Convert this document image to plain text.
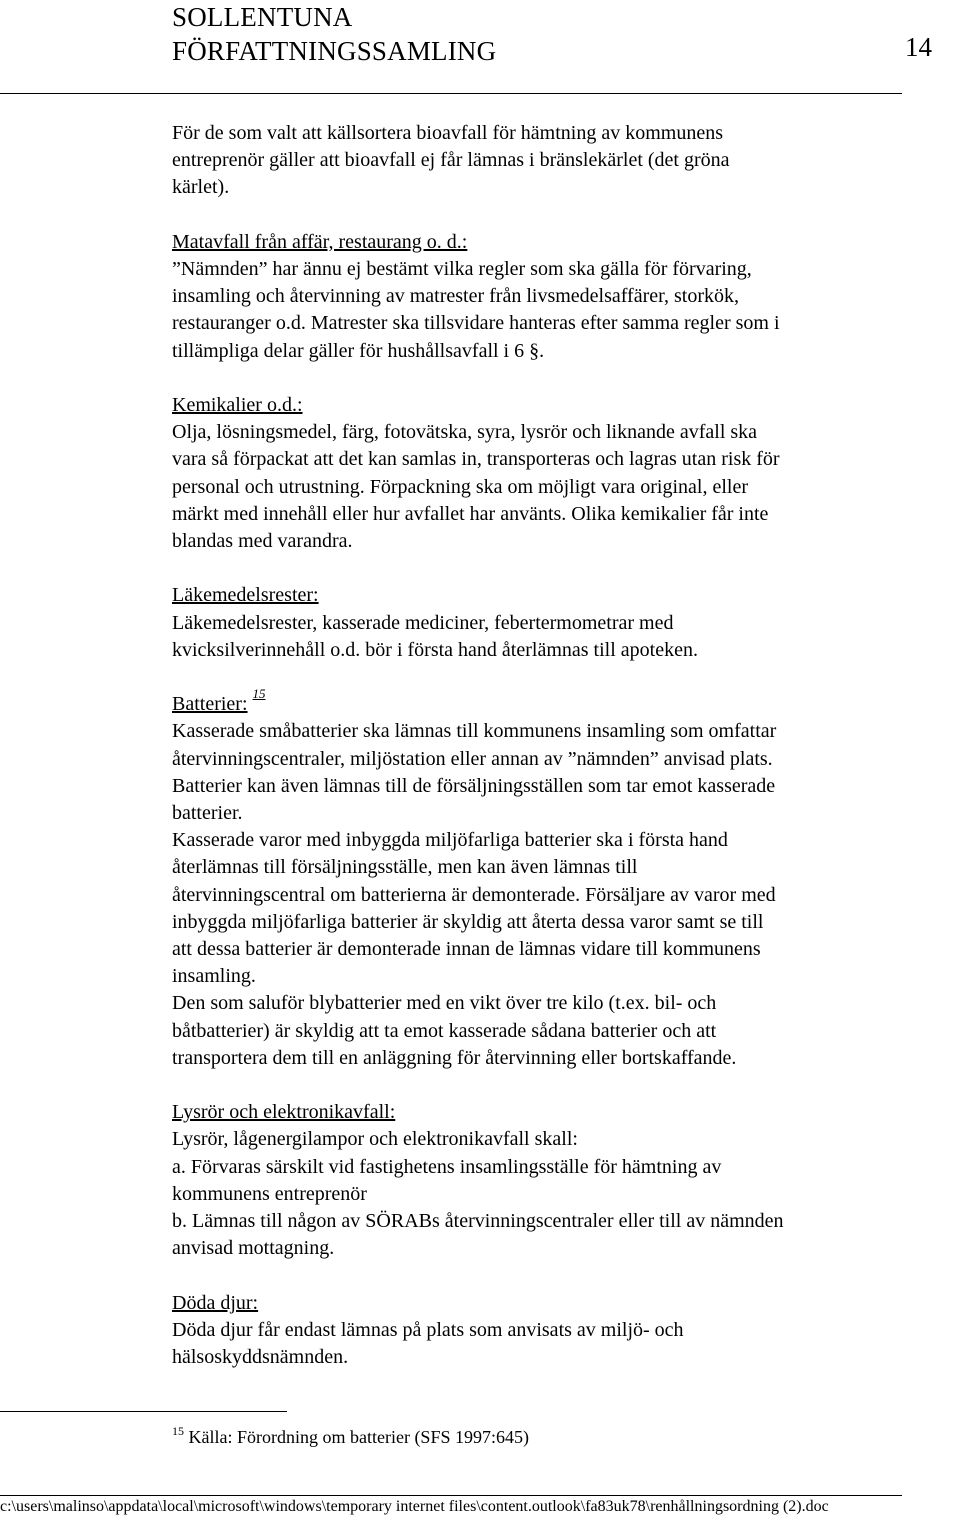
SOLLENTUNA
FÖRFATTNINGSSAMLING	14

För de som valt att källsortera bioavfall för hämtning av kommunens
entreprenör gäller att bioavfall ej får lämnas i bränslekärlet (det gröna
kärlet).

Matavfall från affär, restaurang o. d.:

”Nämnden” har ännu ej bestämt vilka regler som ska gälla för förvaring,
insamling och återvinning av matrester från livsmedelsaffärer, storkök,
restauranger o.d. Matrester ska tillsvidare hanteras efter samma regler som i
tillämpliga delar gäller för hushållsavfall i 6 §.

Kemikalier o.d.:

Olja, lösningsmedel, färg, fotovätska, syra, lysrör och liknande avfall ska
vara så förpackat att det kan samlas in, transporteras och lagras utan risk för
personal och utrustning. Förpackning ska om möjligt vara original, eller
märkt med innehåll eller hur avfallet har använts. Olika kemikalier får inte
blandas med varandra.

Läkemedelsrester:

Läkemedelsrester, kasserade mediciner, febertermometrar med
kvicksilverinnehåll o.d. bör i första hand återlämnas till apoteken.

Batterier: $^{15}$

Kasserade småbatterier ska lämnas till kommunens insamling som omfattar
återvinningscentraler, miljöstation eller annan av ”nämnden” anvisad plats.
Batterier kan även lämnas till de försäljningsställen som tar emot kasserade
batterier.
Kasserade varor med inbyggda miljöfarliga batterier ska i första hand
återlämnas till försäljningsställe, men kan även lämnas till
återvinningscentral om batterierna är demonterade. Försäljare av varor med
inbyggda miljöfarliga batterier är skyldig att återta dessa varor samt se till
att dessa batterier är demonterade innan de lämnas vidare till kommunens
insamling.
Den som saluför blybatterier med en vikt över tre kilo (t.ex. bil- och
båtbatterier) är skyldig att ta emot kasserade sådana batterier och att
transportera dem till en anläggning för återvinning eller bortskaffande.

Lysrör och elektronikavfall:

Lysrör, lågenergilampor och elektronikavfall skall:
a. Förvaras särskilt vid fastighetens insamlingsställe för hämtning av
kommunens entreprenör
b. Lämnas till någon av SÖRABs återvinningscentraler eller till av nämnden
anvisad mottagning.

Döda djur:

Döda djur får endast lämnas på plats som anvisats av miljö- och
hälsoskyddsnämnden.

$^{15}$ Källa: Förordning om batterier (SFS 1997:645)
c:\users\malinso\appdata\local\microsoft\windows\temporary internet files\content.outlook\fa83uk78\renhållningsordning (2).doc
